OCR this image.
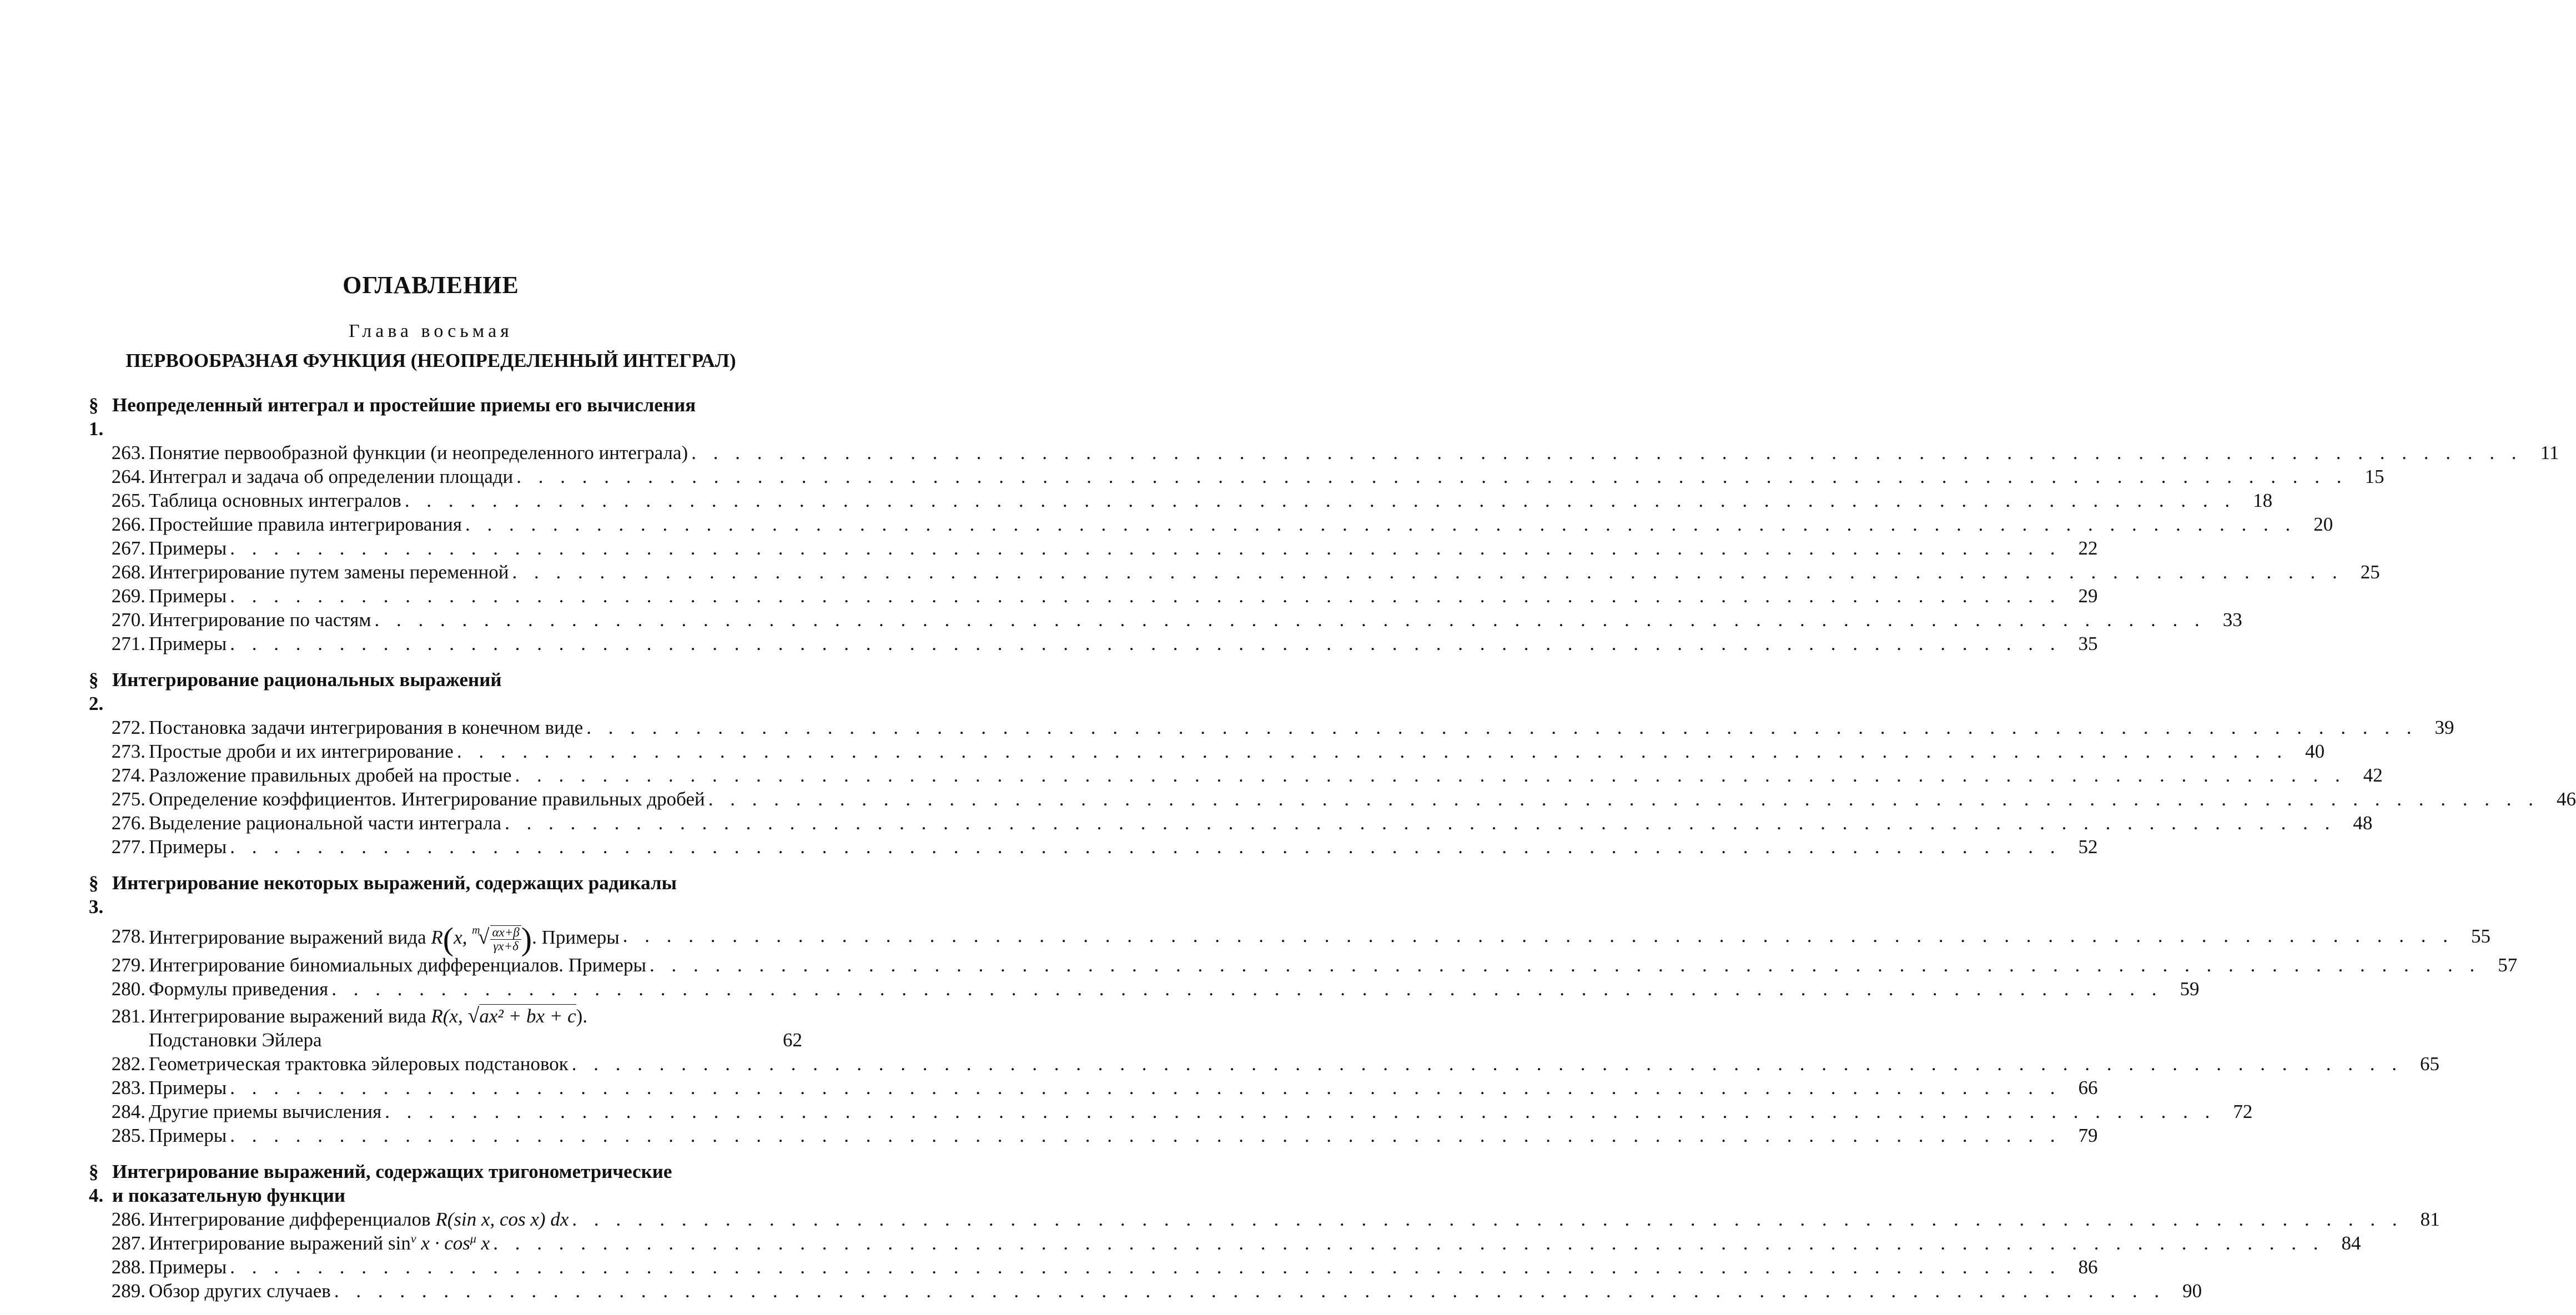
ОГЛАВЛЕНИЕ
Глава восьмая
ПЕРВООБРАЗНАЯ ФУНКЦИЯ (НЕОПРЕДЕЛЕННЫЙ ИНТЕГРАЛ)
§ 1.
Неопределенный интеграл и простейшие приемы его вычисления
263. Понятие первообразной функции (и неопределенного интеграла) . . .	11
264. Интеграл и задача об определении площади . . .	15
265. Таблица основных интегралов . . .	18
266. Простейшие правила интегрирования . . .	20
267. Примеры . . .	22
268. Интегрирование путем замены переменной . . .	25
269. Примеры . . .	29
270. Интегрирование по частям . . .	33
271. Примеры . . .	35
§ 2.
Интегрирование рациональных выражений
272. Постановка задачи интегрирования в конечном виде . . .	39
273. Простые дроби и их интегрирование . . .	40
274. Разложение правильных дробей на простые . . .	42
275. Определение коэффициентов. Интегрирование правильных дробей . . .	46
276. Выделение рациональной части интеграла . . .	48
277. Примеры . . .	52
§ 3.
Интегрирование некоторых выражений, содержащих радикалы
278. Интегрирование выражений вида R(x, $^m√ \frac{\alpha x+\beta}{\gamma x+\delta}$ ). Примеры . . .	55
279. Интегрирование биномиальных дифференциалов. Примеры . . .	57
280. Формулы приведения . . .	59
281. Интегрирование выражений вида R(x, √ax² + bx + c).
Подстановки Эйлера	62
282. Геометрическая трактовка эйлеровых подстановок . . .	65
283. Примеры . . .	66
284. Другие приемы вычисления . . .	72
285. Примеры . . .	79
§ 4.
Интегрирование выражений, содержащих тригонометрические
и показательную функции
286. Интегрирование дифференциалов R(sin x, cos x) dx . . .	81
287. Интегрирование выражений $\sin^\nu x \cdot \cos^\mu x$ . . .	84
288. Примеры . . .	86
289. Обзор других случаев . . .	90
